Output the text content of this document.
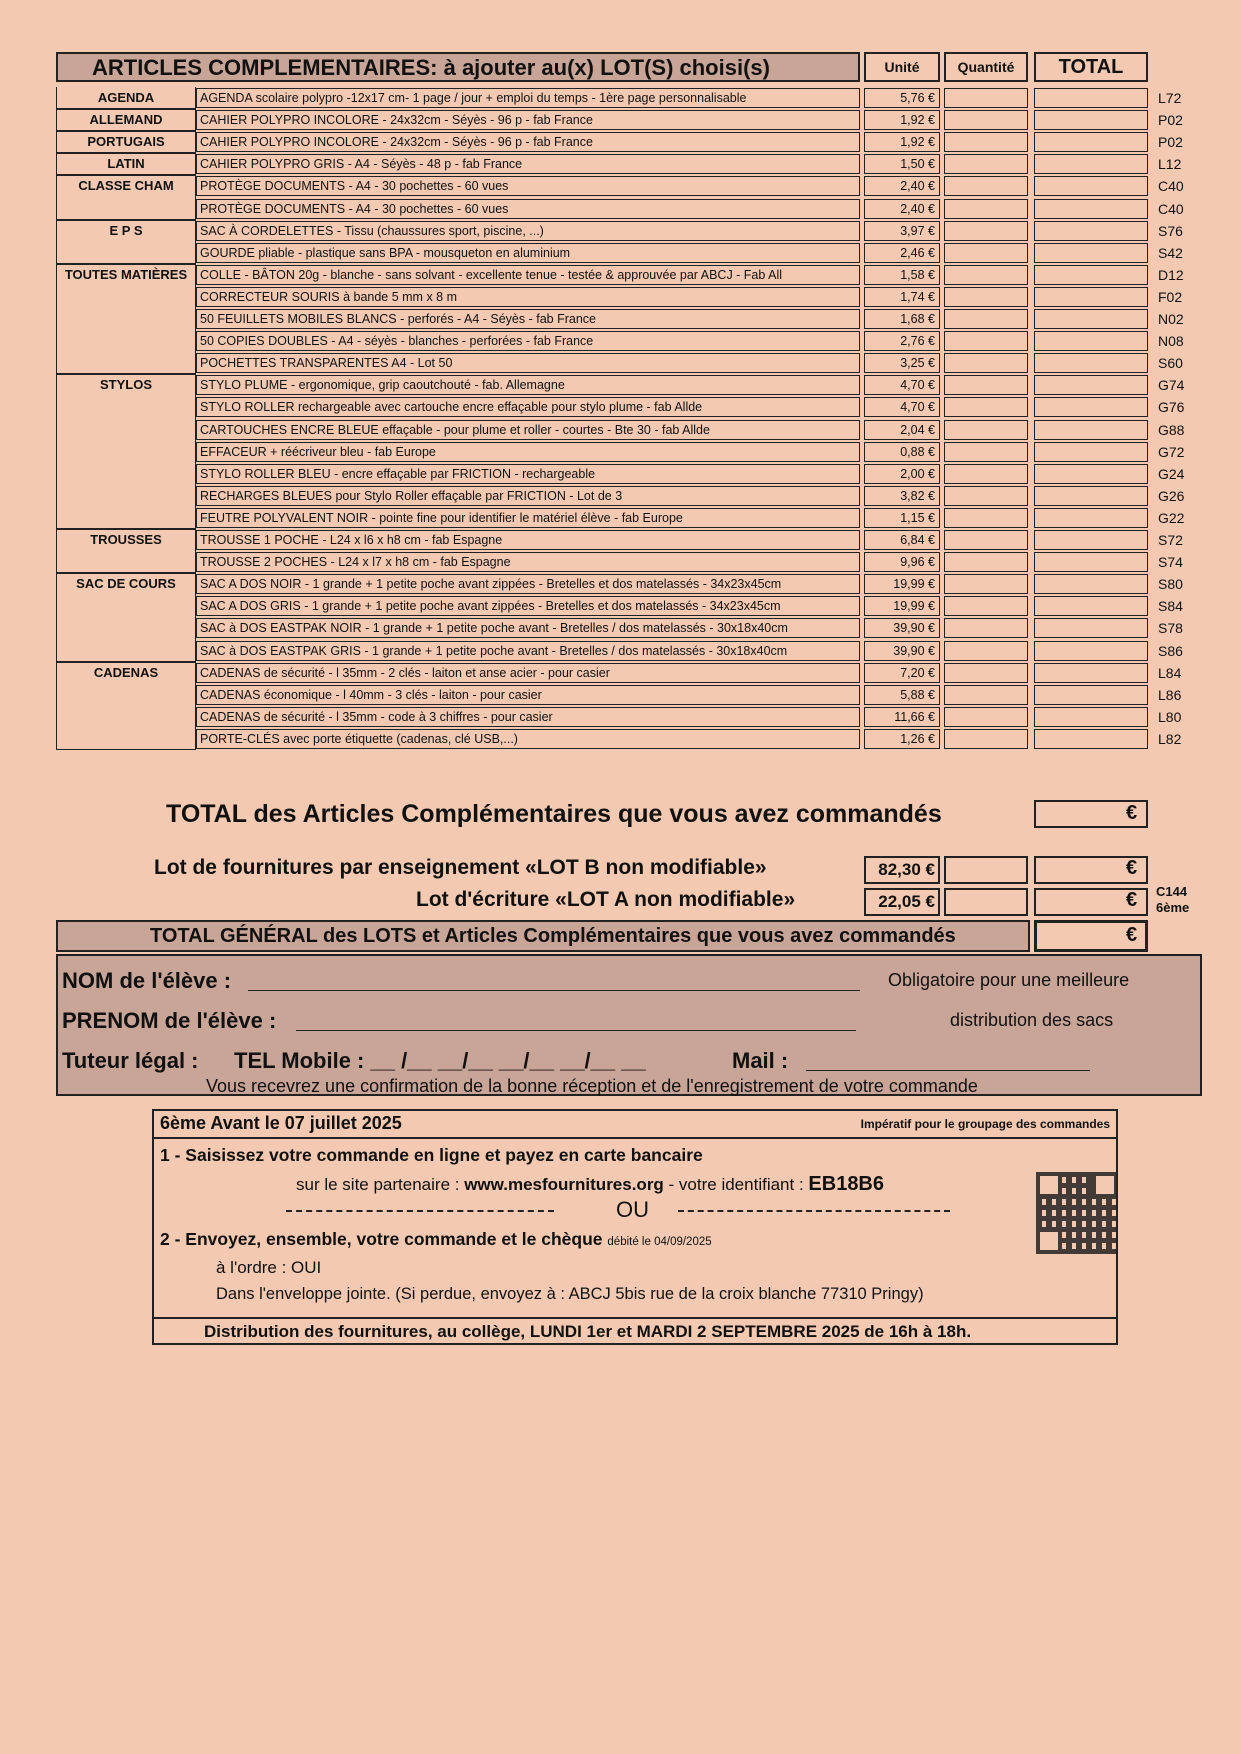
ARTICLES COMPLEMENTAIRES: à ajouter au(x) LOT(S) choisi(s)	Unité	Quantité	TOTAL
AGENDA	AGENDA scolaire polypro -12x17 cm- 1 page / jour + emploi du temps - 1ère page personnalisable	5,76 €	L72
ALLEMAND	CAHIER POLYPRO INCOLORE - 24x32cm - Séyès - 96 p - fab France	1,92 €	P02
PORTUGAIS	CAHIER POLYPRO INCOLORE - 24x32cm - Séyès - 96 p - fab France	1,92 €	P02
LATIN	CAHIER POLYPRO GRIS - A4 - Séyès - 48 p - fab France	1,50 €	L12
CLASSE CHAM	PROTÈGE DOCUMENTS - A4 - 30 pochettes - 60 vues	2,40 €	C40
PROTÈGE DOCUMENTS - A4 - 30 pochettes - 60 vues	2,40 €	C40
E P S	SAC À CORDELETTES - Tissu (chaussures sport, piscine, ...)	3,97 €	S76
GOURDE pliable - plastique sans BPA - mousqueton en aluminium	2,46 €	S42
TOUTES MATIÈRES	COLLE - BÂTON 20g - blanche - sans solvant - excellente tenue - testée & approuvée par ABCJ - Fab All	1,58 €	D12
CORRECTEUR SOURIS à bande 5 mm x 8 m	1,74 €	F02
50 FEUILLETS MOBILES BLANCS - perforés - A4 - Séyès - fab France	1,68 €	N02
50 COPIES DOUBLES - A4 - séyès - blanches - perforées - fab France	2,76 €	N08
POCHETTES TRANSPARENTES A4 - Lot 50	3,25 €	S60
STYLOS	STYLO PLUME - ergonomique, grip caoutchouté - fab. Allemagne	4,70 €	G74
STYLO ROLLER rechargeable avec cartouche encre effaçable pour stylo plume - fab Allde	4,70 €	G76
CARTOUCHES ENCRE BLEUE effaçable - pour plume et roller - courtes - Bte 30 - fab Allde	2,04 €	G88
EFFACEUR + réécriveur bleu - fab Europe	0,88 €	G72
STYLO ROLLER BLEU - encre effaçable par FRICTION - rechargeable	2,00 €	G24
RECHARGES BLEUES pour Stylo Roller effaçable par FRICTION - Lot de 3	3,82 €	G26
FEUTRE POLYVALENT NOIR - pointe fine pour identifier le matériel élève - fab Europe	1,15 €	G22
TROUSSES	TROUSSE 1 POCHE - L24 x l6 x h8 cm - fab Espagne	6,84 €	S72
TROUSSE 2 POCHES - L24 x l7 x h8 cm - fab Espagne	9,96 €	S74
SAC DE COURS	SAC A DOS NOIR - 1 grande + 1 petite poche avant zippées - Bretelles et dos matelassés - 34x23x45cm	19,99 €	S80
SAC A DOS GRIS - 1 grande + 1 petite poche avant zippées - Bretelles et dos matelassés - 34x23x45cm	19,99 €	S84
SAC à DOS EASTPAK NOIR - 1 grande + 1 petite poche avant - Bretelles / dos matelassés - 30x18x40cm	39,90 €	S78
SAC à DOS EASTPAK GRIS - 1 grande + 1 petite poche avant - Bretelles / dos matelassés - 30x18x40cm	39,90 €	S86
CADENAS	CADENAS de sécurité - l 35mm - 2 clés - laiton et anse acier - pour casier	7,20 €	L84
CADENAS économique - l 40mm - 3 clés - laiton - pour casier	5,88 €	L86
CADENAS de sécurité - l 35mm - code à 3 chiffres - pour casier	11,66 €	L80
PORTE-CLÉS avec porte étiquette (cadenas, clé USB,...)	1,26 €	L82
TOTAL des Articles Complémentaires que vous avez commandés	€
Lot de fournitures par enseignement «LOT B non modifiable»	82,30 €	€
Lot d'écriture «LOT A non modifiable»	22,05 €	€ C144
6ème
TOTAL GÉNÉRAL des LOTS et Articles Complémentaires que vous avez commandés	€
NOM de l'élève :	Obligatoire pour une meilleure
PRENOM de l'élève :	distribution des sacs
Tuteur légal : TEL Mobile : __ /__ __/__ __/__ __/__ __	Mail :
Vous recevrez une confirmation de la bonne réception et de l'enregistrement de votre commande
6ème Avant le 07 juillet 2025	Impératif pour le groupage des commandes
1 - Saisissez votre commande en ligne et payez en carte bancaire
sur le site partenaire : www.mesfournitures.org - votre identifiant : EB18B6
OU
2 - Envoyez, ensemble, votre commande et le chèque débité le 04/09/2025
à l'ordre : OUI
Dans l'enveloppe jointe. (Si perdue, envoyez à : ABCJ 5bis rue de la croix blanche 77310 Pringy)
Distribution des fournitures, au collège, LUNDI 1er et MARDI 2 SEPTEMBRE 2025 de 16h à 18h.
